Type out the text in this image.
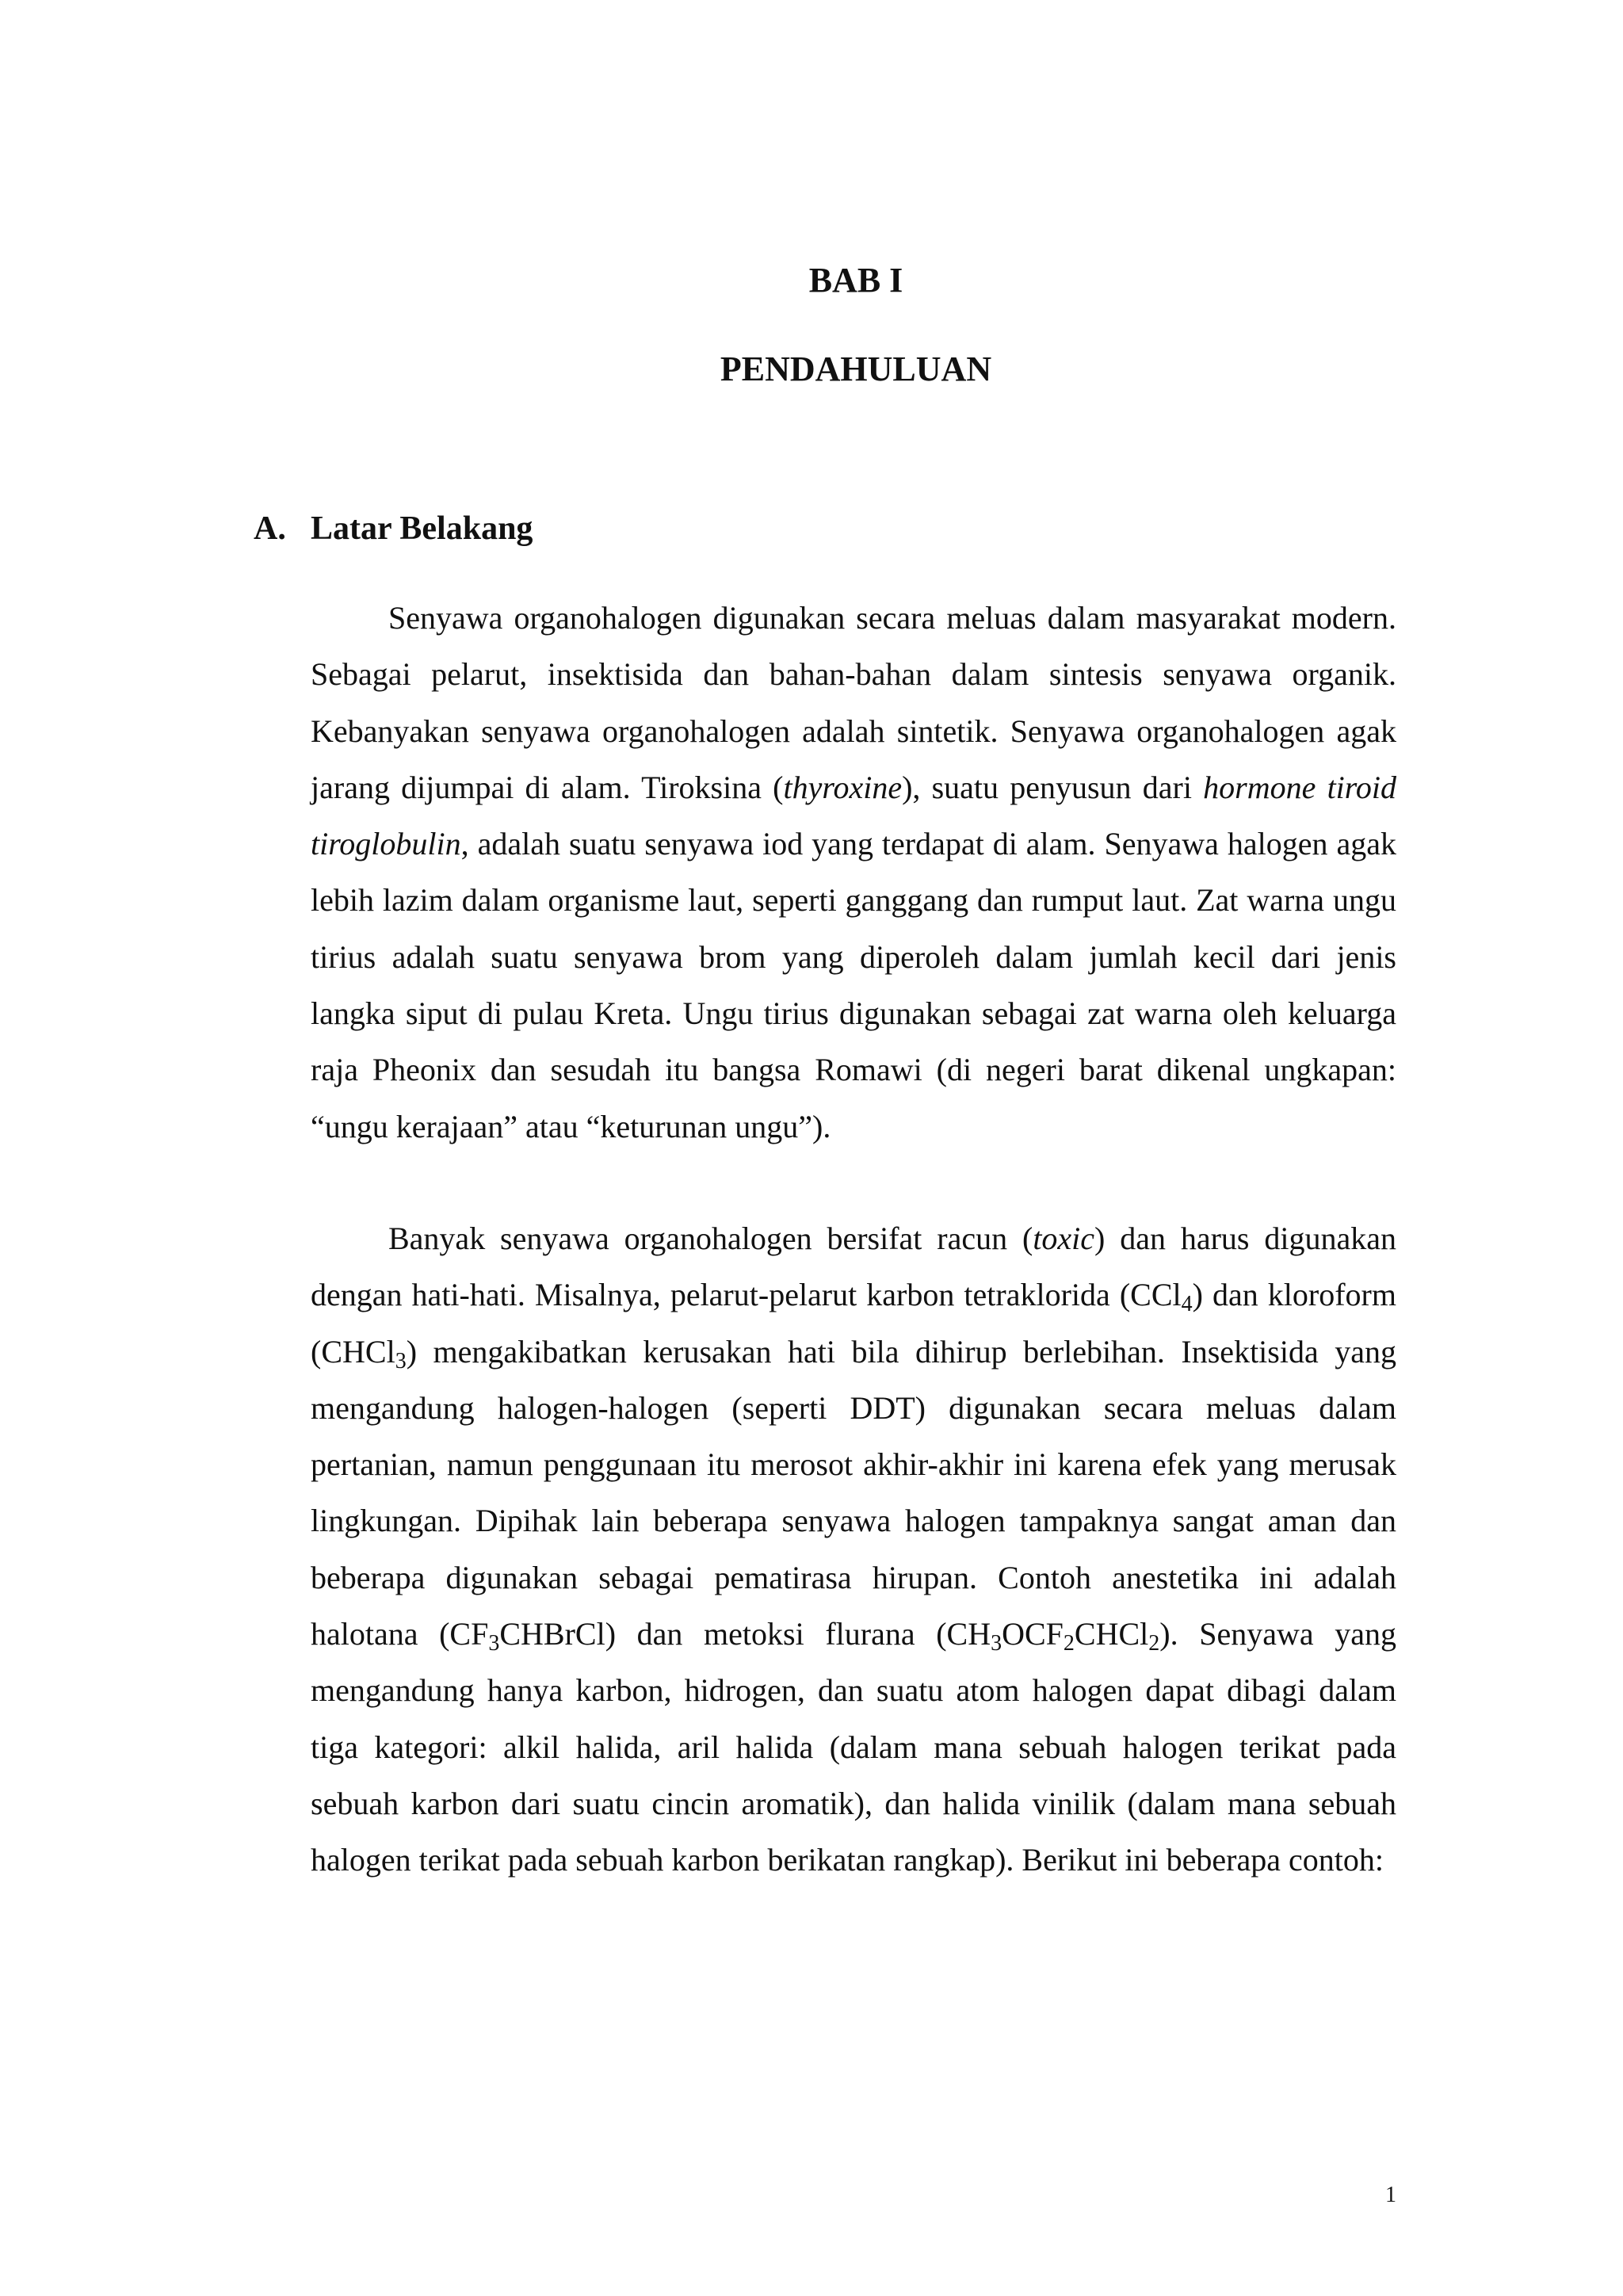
BAB I
PENDAHULUAN
A. Latar Belakang

Senyawa organohalogen digunakan secara meluas dalam masyarakat modern. Sebagai pelarut, insektisida dan bahan-bahan dalam sintesis senyawa organik. Kebanyakan senyawa organohalogen adalah sintetik. Senyawa organohalogen agak jarang dijumpai di alam. Tiroksina (thyroxine), suatu penyusun dari hormone tiroid tiroglobulin, adalah suatu senyawa iod yang terdapat di alam. Senyawa halogen agak lebih lazim dalam organisme laut, seperti ganggang dan rumput laut. Zat warna ungu tirius adalah suatu senyawa brom yang diperoleh dalam jumlah kecil dari jenis langka siput di pulau Kreta. Ungu tirius digunakan sebagai zat warna oleh keluarga raja Pheonix dan sesudah itu bangsa Romawi (di negeri barat dikenal ungkapan: “ungu kerajaan” atau “keturunan ungu”).

Banyak senyawa organohalogen bersifat racun (toxic) dan harus digunakan dengan hati-hati. Misalnya, pelarut-pelarut karbon tetraklorida (CCl$_4$) dan kloroform (CHCl$_3$) mengakibatkan kerusakan hati bila dihirup berlebihan. Insektisida yang mengandung halogen-halogen (seperti DDT) digunakan secara meluas dalam pertanian, namun penggunaan itu merosot akhir-akhir ini karena efek yang merusak lingkungan. Dipihak lain beberapa senyawa halogen tampaknya sangat aman dan beberapa digunakan sebagai pematirasa hirupan. Contoh anestetika ini adalah halotana $(CF_3CHBrCl)$ dan metoksi flurana $(CH_3OCF_2CHCl_2)$. Senyawa yang mengandung hanya karbon, hidrogen, dan suatu atom halogen dapat dibagi dalam tiga kategori: alkil halida, aril halida (dalam mana sebuah halogen terikat pada sebuah karbon dari suatu cincin aromatik), dan halida vinilik (dalam mana sebuah halogen terikat pada sebuah karbon berikatan rangkap). Berikut ini beberapa contoh:

1
